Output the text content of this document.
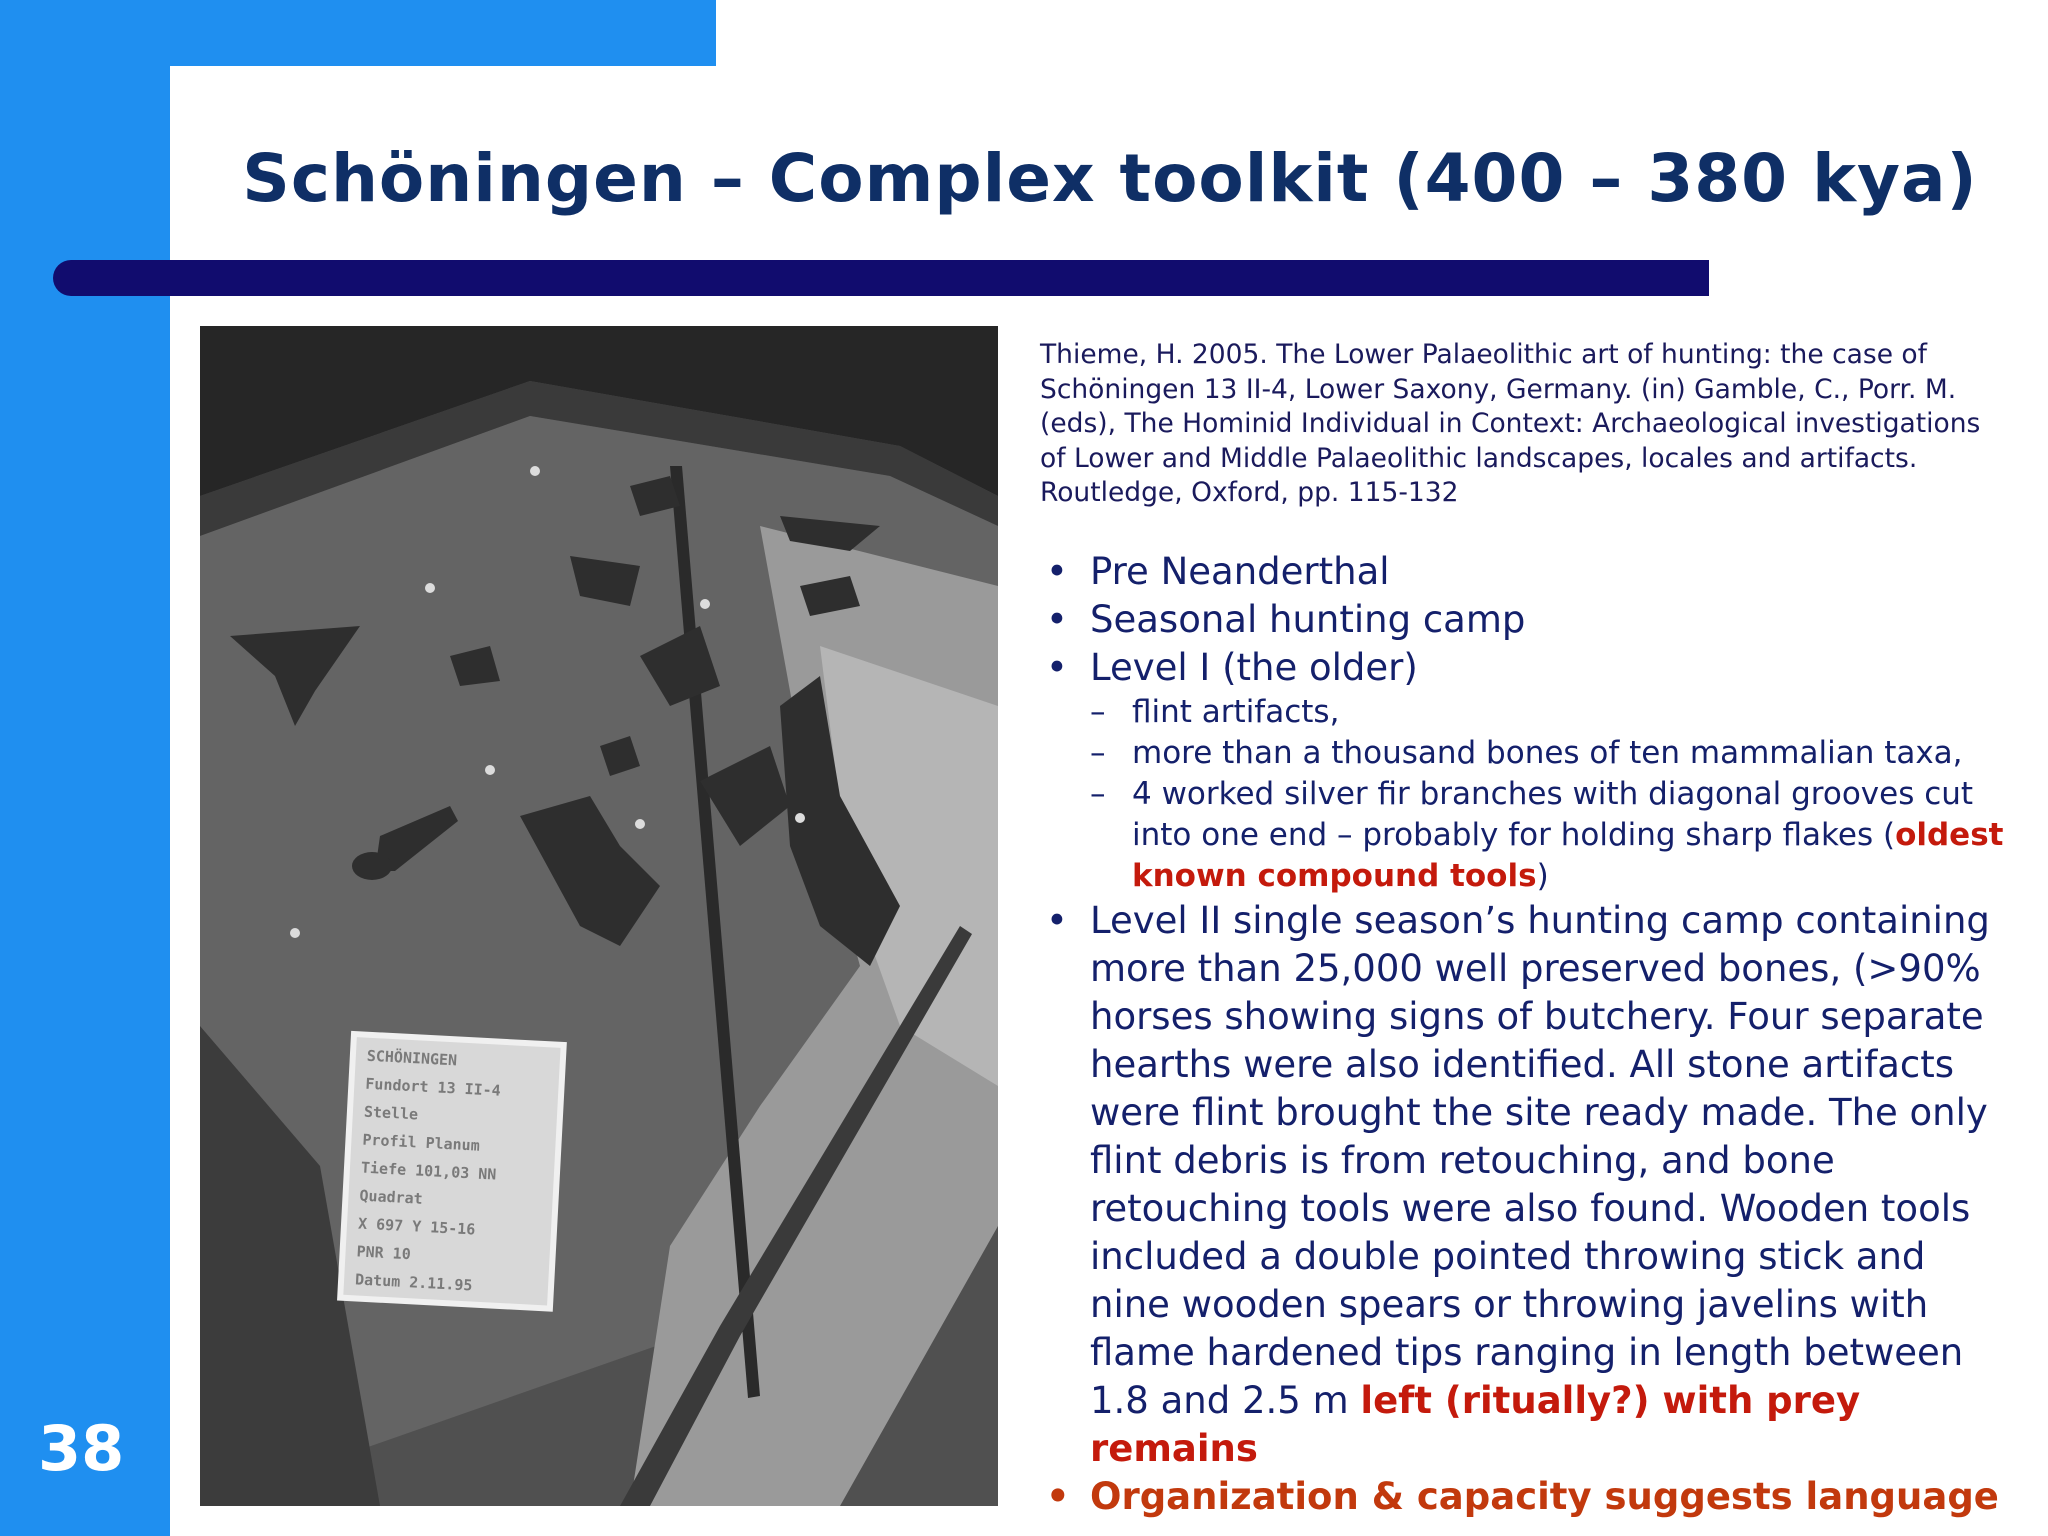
Schöningen – Complex toolkit (400 – 380 kya)
SCHÖNINGEN
Fundort 13 II-4
Stelle
Profil Planum
Tiefe 101,03 NN
Quadrat
X 697 Y 15-16
PNR 10
Datum 2.11.95
Thieme, H. 2005. The Lower Palaeolithic art of hunting: the case of Schöningen 13 II-4, Lower Saxony, Germany. (in) Gamble, C., Porr. M. (eds), The Hominid Individual in Context: Archaeological investigations of Lower and Middle Palaeolithic landscapes, locales and artifacts. Routledge, Oxford, pp. 115-132
• Pre Neanderthal
• Seasonal hunting camp
• Level I (the older)
– flint artifacts,
– more than a thousand bones of ten mammalian taxa,
– 4 worked silver fir branches with diagonal grooves cut into one end – probably for holding sharp flakes (oldest known compound tools)
• Level II single season’s hunting camp containing more than 25,000 well preserved bones, (>90% horses showing signs of butchery. Four separate hearths were also identified. All stone artifacts were flint brought the site ready made. The only flint debris is from retouching, and bone retouching tools were also found. Wooden tools included a double pointed throwing stick and nine wooden spears or throwing javelins with flame hardened tips ranging in length between 1.8 and 2.5 m left (ritually?) with prey remains
• Organization & capacity suggests language
38
